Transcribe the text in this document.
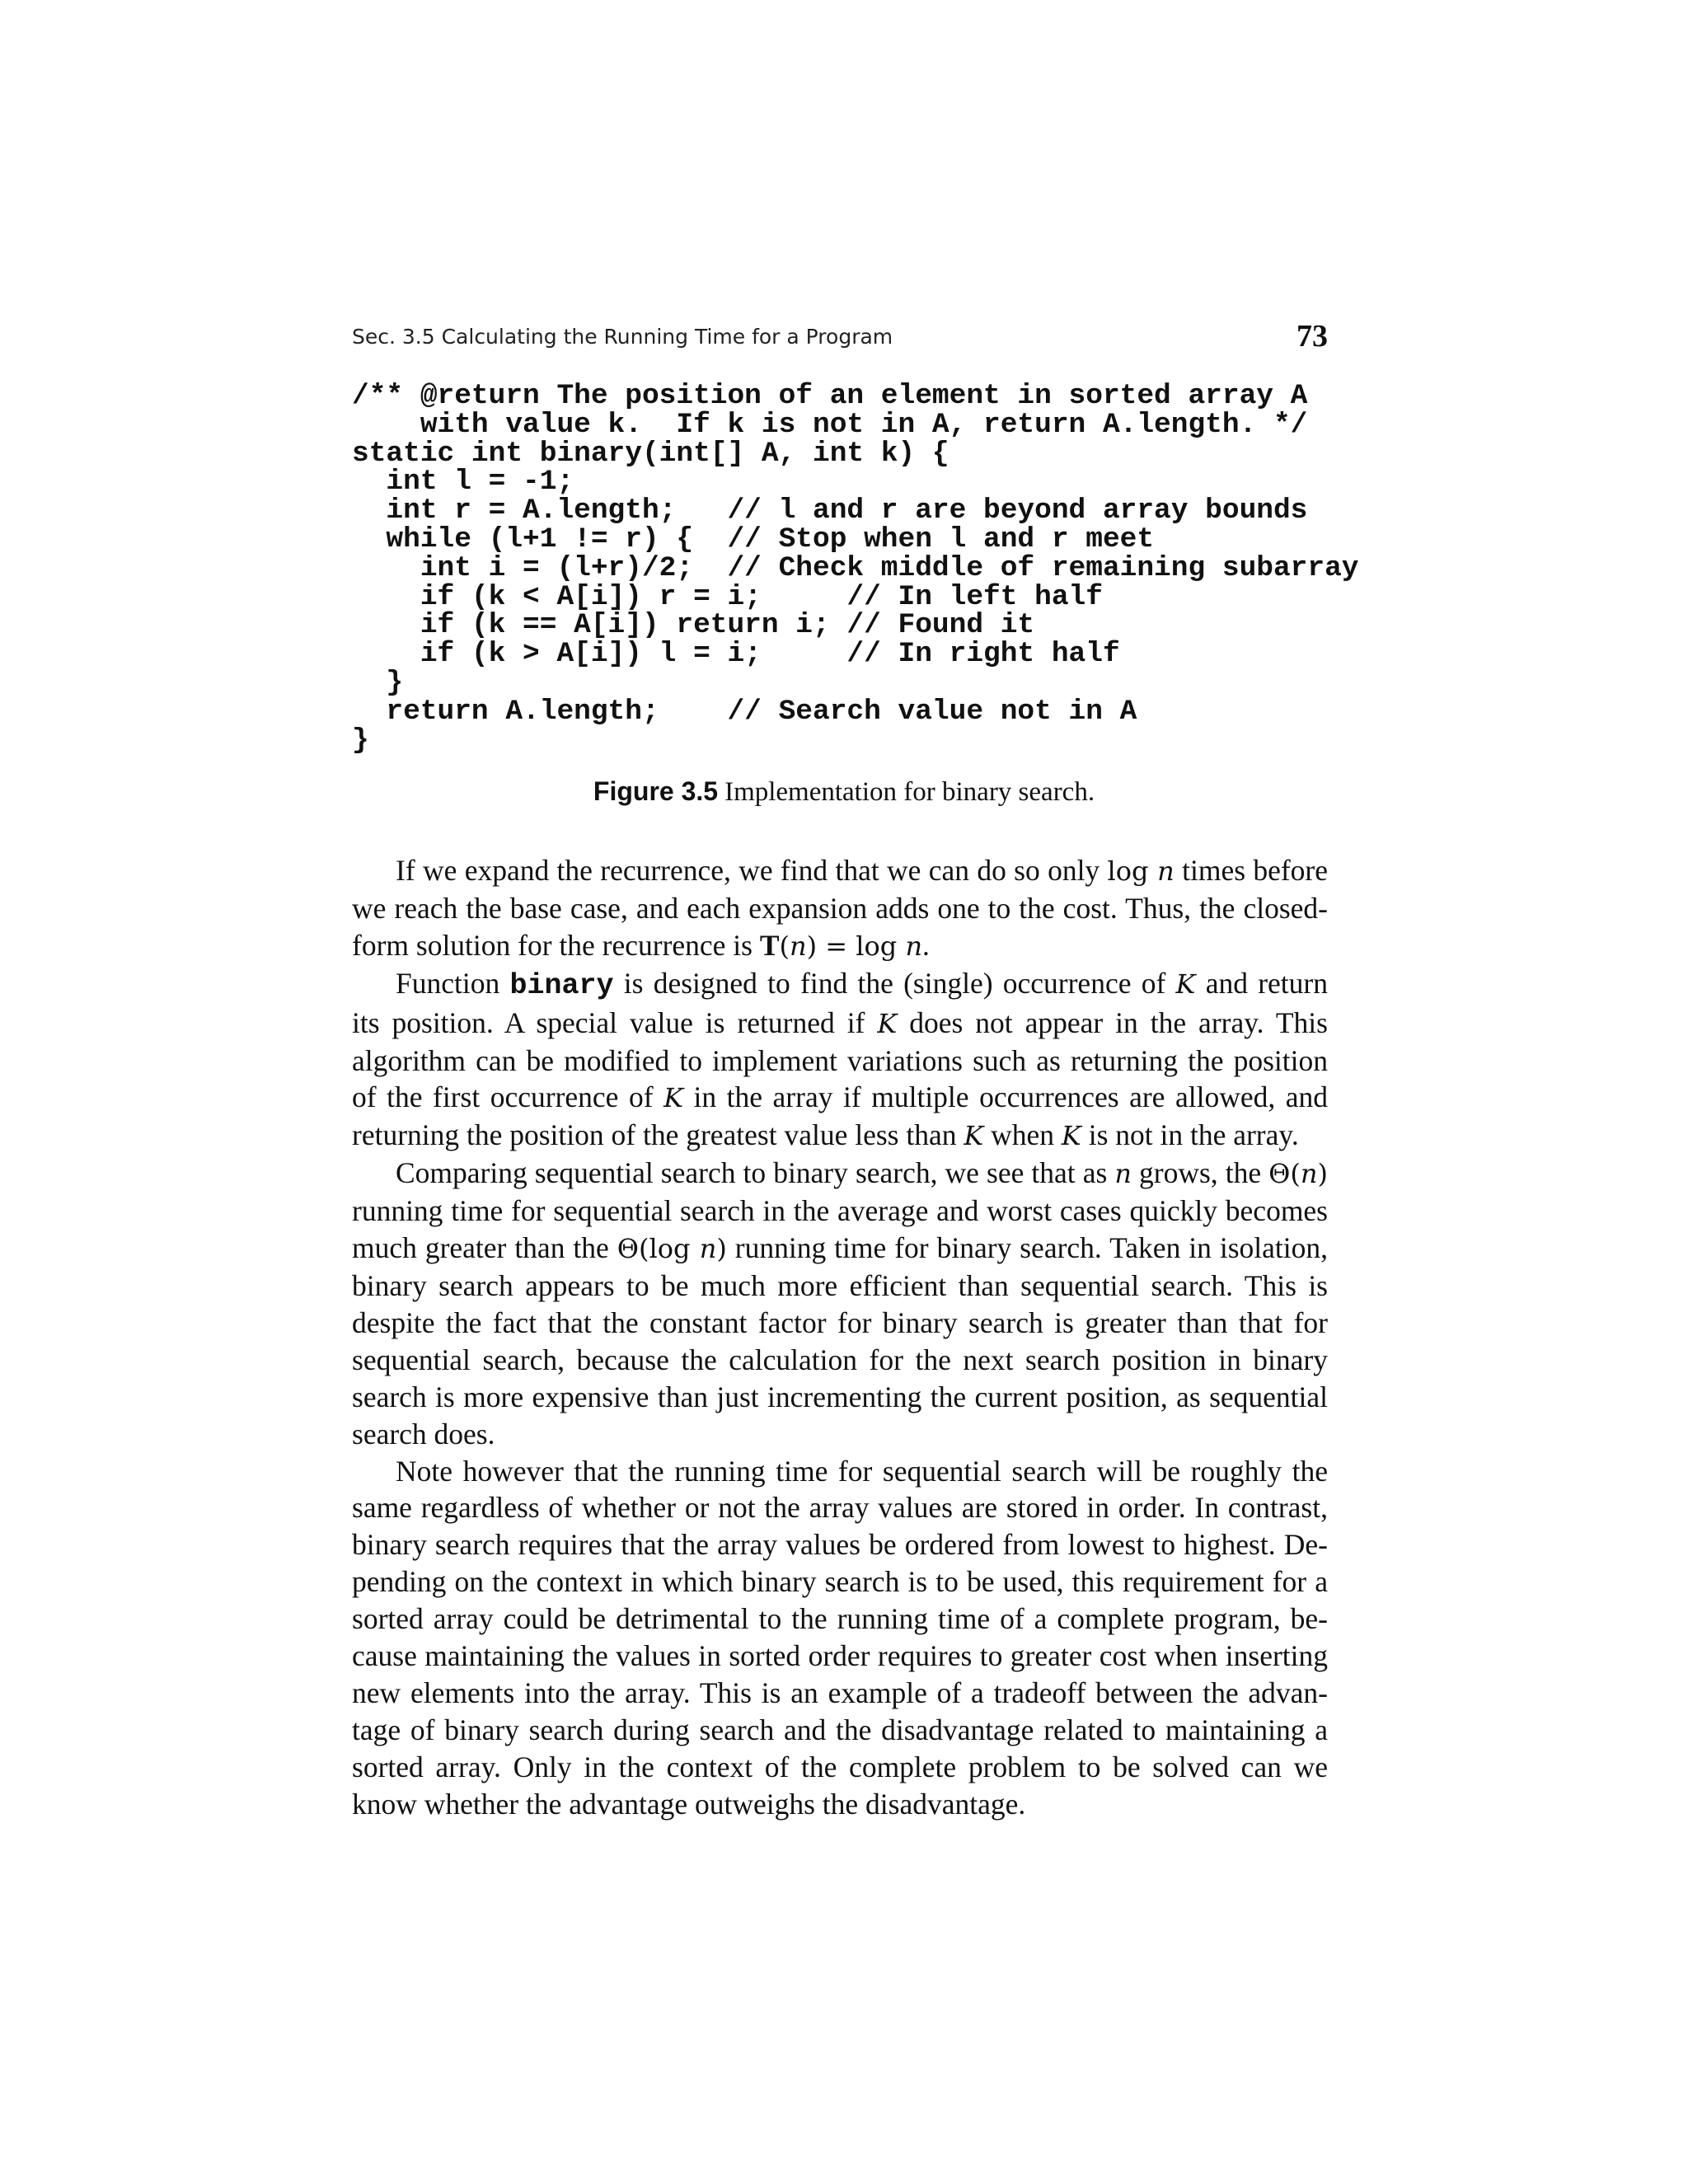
Sec. 3.5 Calculating the Running Time for a Program	73
/** @return The position of an element in sorted array A
with value k.  If k is not in A, return A.length. */
static int binary(int[] A, int k) {
int l = -1;
int r = A.length;   // l and r are beyond array bounds
while (l+1 != r) {  // Stop when l and r meet
int i = (l+r)/2;  // Check middle of remaining subarray
if (k < A[i]) r = i;     // In left half
if (k == A[i]) return i; // Found it
if (k > A[i]) l = i;     // In right half
}
return A.length;    // Search value not in A
}
Figure 3.5 Implementation for binary search.

If we expand the recurrence, we find that we can do so only log n times before we reach the base case, and each expansion adds one to the cost. Thus, the closed-form solution for the recurrence is T(n) = log n.

Function binary is designed to find the (single) occurrence of K and return its position. A special value is returned if K does not appear in the array. This algorithm can be modified to implement variations such as returning the position of the first occurrence of K in the array if multiple occurrences are allowed, and returning the position of the greatest value less than K when K is not in the array.

Comparing sequential search to binary search, we see that as n grows, the Θ(n) running time for sequential search in the average and worst cases quickly becomes much greater than the Θ(log n) running time for binary search. Taken in isolation, binary search appears to be much more efficient than sequential search. This is despite the fact that the constant factor for binary search is greater than that for sequential search, because the calculation for the next search position in binary search is more expensive than just incrementing the current position, as sequential search does.

Note however that the running time for sequential search will be roughly the same regardless of whether or not the array values are stored in order. In contrast, binary search requires that the array values be ordered from lowest to highest. Depending on the context in which binary search is to be used, this requirement for a sorted array could be detrimental to the running time of a complete program, because maintaining the values in sorted order requires to greater cost when inserting new elements into the array. This is an example of a tradeoff between the advantage of binary search during search and the disadvantage related to maintaining a sorted array. Only in the context of the complete problem to be solved can we know whether the advantage outweighs the disadvantage.
